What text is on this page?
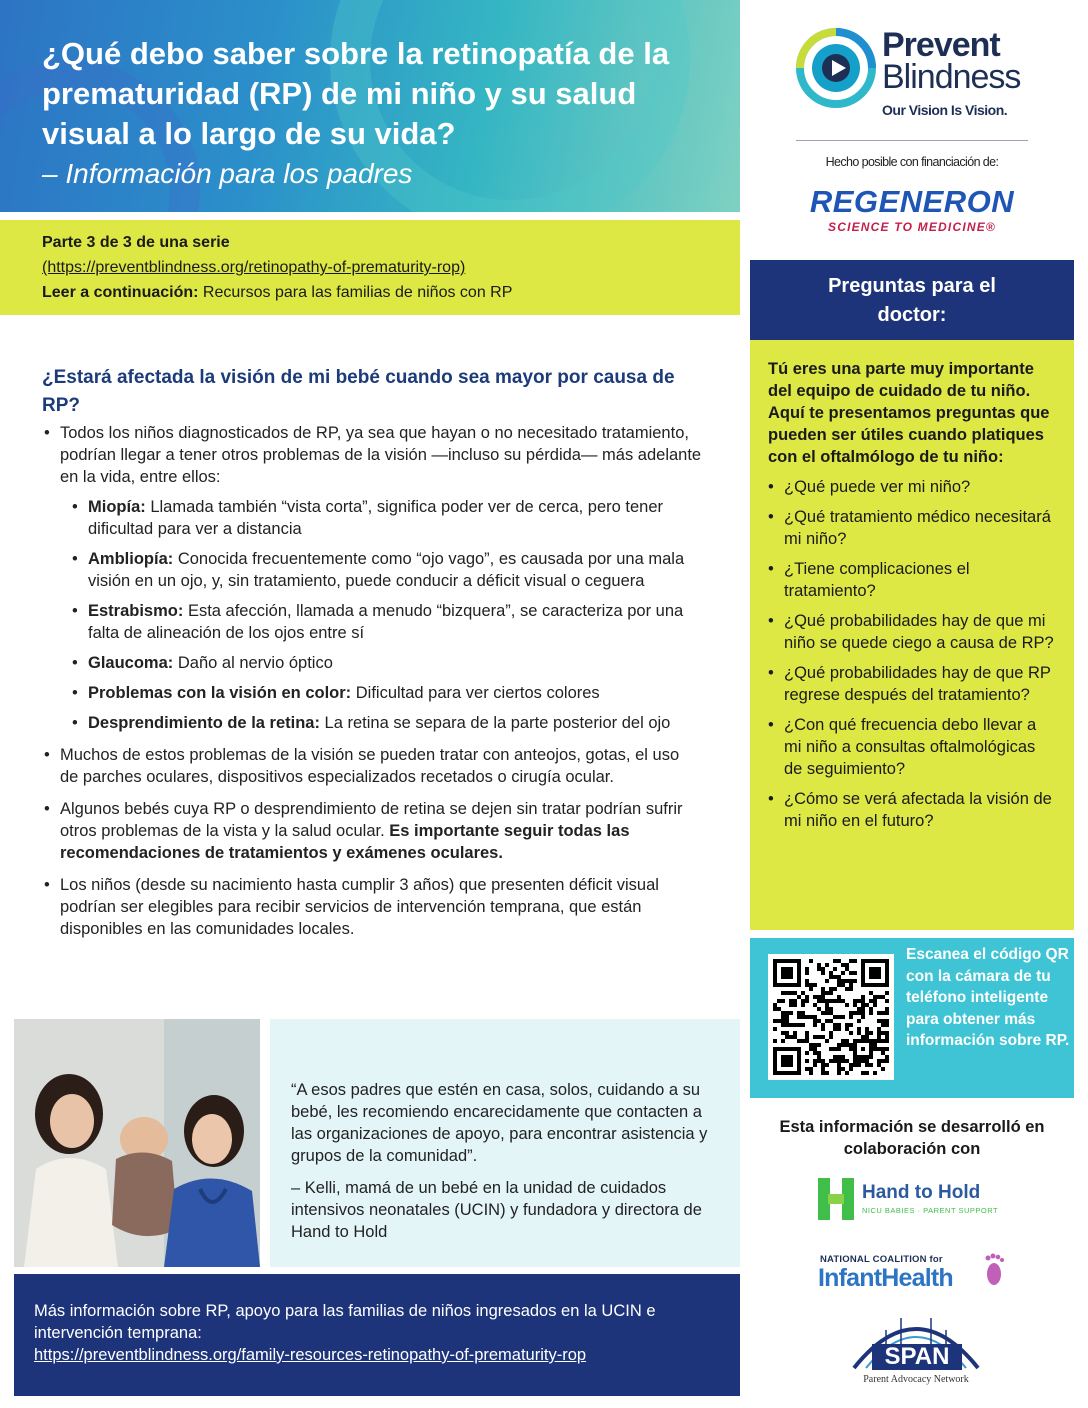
¿Qué debo saber sobre la retinopatía de la prematuridad (RP) de mi niño y su salud visual a lo largo de su vida?
– Información para los padres
Parte 3 de 3 de una serie
(https://preventblindness.org/retinopathy-of-prematurity-rop)
Leer a continuación: Recursos para las familias de niños con RP
¿Estará afectada la visión de mi bebé cuando sea mayor por causa de RP?
• Todos los niños diagnosticados de RP, ya sea que hayan o no necesitado tratamiento, podrían llegar a tener otros problemas de la visión —incluso su pérdida— más adelante en la vida, entre ellos:
• Miopía: Llamada también “vista corta”, significa poder ver de cerca, pero tener dificultad para ver a distancia
• Ambliopía: Conocida frecuentemente como “ojo vago”, es causada por una mala visión en un ojo, y, sin tratamiento, puede conducir a déficit visual o ceguera
• Estrabismo: Esta afección, llamada a menudo “bizquera”, se caracteriza por una falta de alineación de los ojos entre sí
• Glaucoma: Daño al nervio óptico
• Problemas con la visión en color: Dificultad para ver ciertos colores
• Desprendimiento de la retina: La retina se separa de la parte posterior del ojo
• Muchos de estos problemas de la visión se pueden tratar con anteojos, gotas, el uso de parches oculares, dispositivos especializados recetados o cirugía ocular.
• Algunos bebés cuya RP o desprendimiento de retina se dejen sin tratar podrían sufrir otros problemas de la vista y la salud ocular. Es importante seguir todas las recomendaciones de tratamientos y exámenes oculares.
• Los niños (desde su nacimiento hasta cumplir 3 años) que presenten déficit visual podrían ser elegibles para recibir servicios de intervención temprana, que están disponibles en las comunidades locales.
“A esos padres que estén en casa, solos, cuidando a su bebé, les recomiendo encarecidamente que contacten a las organizaciones de apoyo, para encontrar asistencia y grupos de la comunidad”.
– Kelli, mamá de un bebé en la unidad de cuidados intensivos neonatales (UCIN) y fundadora y directora de Hand to Hold
Más información sobre RP, apoyo para las familias de niños ingresados en la UCIN e intervención temprana:
https://preventblindness.org/family-resources-retinopathy-of-prematurity-rop
Prevent
Blindness
Our Vision Is Vision.
Hecho posible con financiación de:
REGENERON
SCIENCE TO MEDICINE®
Preguntas para el doctor:
Tú eres una parte muy importante del equipo de cuidado de tu niño. Aquí te presentamos preguntas que pueden ser útiles cuando platiques con el oftalmólogo de tu niño:
• ¿Qué puede ver mi niño?
• ¿Qué tratamiento médico necesitará mi niño?
• ¿Tiene complicaciones el tratamiento?
• ¿Qué probabilidades hay de que mi niño se quede ciego a causa de RP?
• ¿Qué probabilidades hay de que RP regrese después del tratamiento?
• ¿Con qué frecuencia debo llevar a mi niño a consultas oftalmológicas de seguimiento?
• ¿Cómo se verá afectada la visión de mi niño en el futuro?
Escanea el código QR con la cámara de tu teléfono inteligente para obtener más información sobre RP.
Esta información se desarrolló en colaboración con
Hand to Hold
NICU BABIES · PARENT SUPPORT
NATIONAL COALITION for
InfantHealth
SPAN
Parent Advocacy Network
